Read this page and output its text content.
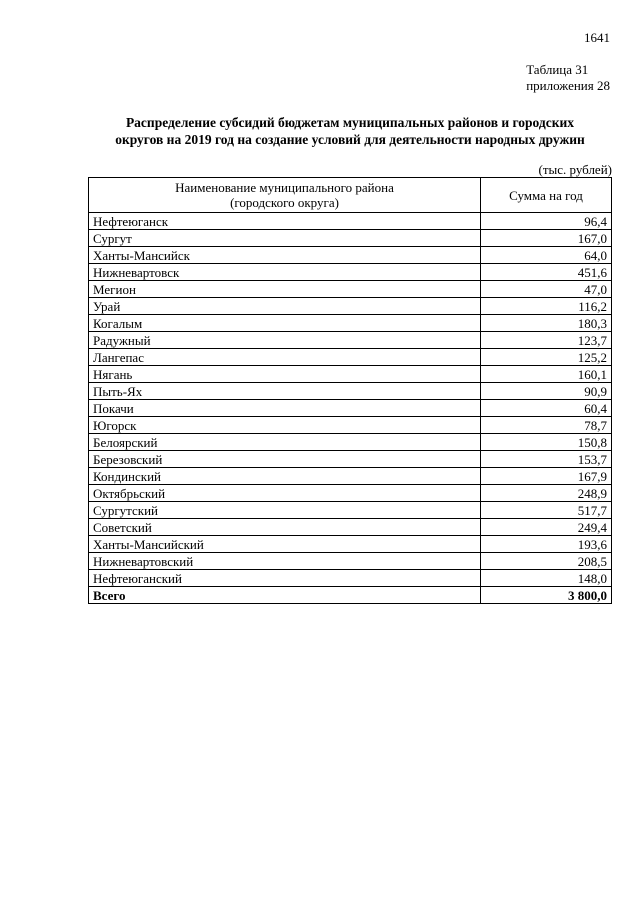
1641
Таблица 31
приложения 28
Распределение субсидий бюджетам муниципальных районов и городских
округов на 2019 год на создание условий для деятельности народных дружин
(тыс. рублей)
Наименование муниципального района
(городского округа)	Сумма на год
Нефтеюганск	96,4
Сургут	167,0
Ханты-Мансийск	64,0
Нижневартовск	451,6
Мегион	47,0
Урай	116,2
Когалым	180,3
Радужный	123,7
Лангепас	125,2
Нягань	160,1
Пыть-Ях	90,9
Покачи	60,4
Югорск	78,7
Белоярский	150,8
Березовский	153,7
Кондинский	167,9
Октябрьский	248,9
Сургутский	517,7
Советский	249,4
Ханты-Мансийский	193,6
Нижневартовский	208,5
Нефтеюганский	148,0
Всего	3 800,0
